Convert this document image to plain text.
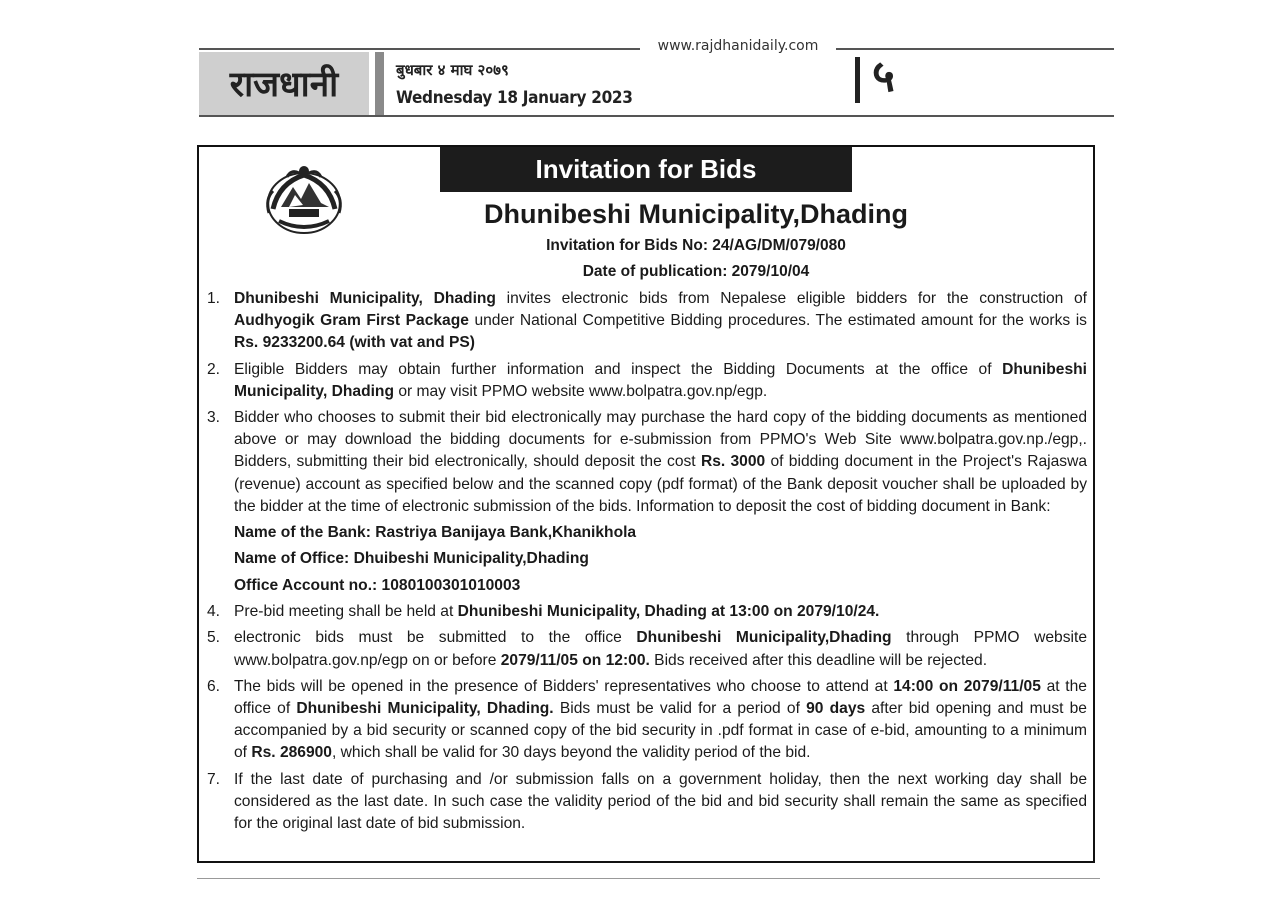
www.rajdhanidaily.com
राजधानी	बुधबार ४ माघ २०७९
Wednesday 18 January 2023	५
Invitation for Bids
Dhunibeshi Municipality,Dhading
Invitation for Bids No: 24/AG/DM/079/080
Date of publication: 2079/10/04
1. Dhunibeshi Municipality, Dhading invites electronic bids from Nepalese eligible bidders for the construction of Audhyogik Gram First Package under National Competitive Bidding procedures. The estimated amount for the works is Rs. 9233200.64 (with vat and PS)
2. Eligible Bidders may obtain further information and inspect the Bidding Documents at the office of Dhunibeshi Municipality, Dhading or may visit PPMO website www.bolpatra.gov.np/egp.
3. Bidder who chooses to submit their bid electronically may purchase the hard copy of the bidding documents as mentioned above or may download the bidding documents for e-submission from PPMO's Web Site www.bolpatra.gov.np./egp,. Bidders, submitting their bid electronically, should deposit the cost Rs. 3000 of bidding document in the Project's Rajaswa (revenue) account as specified below and the scanned copy (pdf format) of the Bank deposit voucher shall be uploaded by the bidder at the time of electronic submission of the bids. Information to deposit the cost of bidding document in Bank:
Name of the Bank: Rastriya Banijaya Bank,Khanikhola
Name of Office: Dhuibeshi Municipality,Dhading
Office Account no.: 1080100301010003
4. Pre-bid meeting shall be held at Dhunibeshi Municipality, Dhading at 13:00 on 2079/10/24.
5. electronic bids must be submitted to the office Dhunibeshi Municipality,Dhading through PPMO website www.bolpatra.gov.np/egp on or before 2079/11/05 on 12:00. Bids received after this deadline will be rejected.
6. The bids will be opened in the presence of Bidders' representatives who choose to attend at 14:00 on 2079/11/05 at the office of Dhunibeshi Municipality, Dhading. Bids must be valid for a period of 90 days after bid opening and must be accompanied by a bid security or scanned copy of the bid security in .pdf format in case of e-bid, amounting to a minimum of Rs. 286900, which shall be valid for 30 days beyond the validity period of the bid.
7. If the last date of purchasing and /or submission falls on a government holiday, then the next working day shall be considered as the last date. In such case the validity period of the bid and bid security shall remain the same as specified for the original last date of bid submission.
